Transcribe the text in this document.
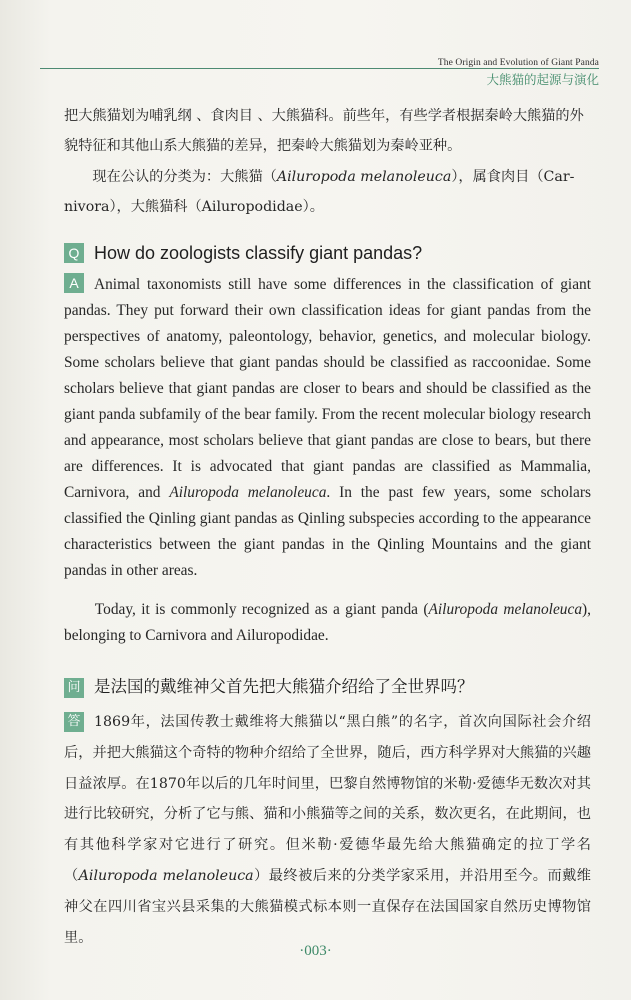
The Origin and Evolution of Giant Panda
大熊猫的起源与演化
把大熊猫划为哺乳纲 、食肉目 、大熊猫科。前些年，有些学者根据秦岭大熊猫的外貌特征和其他山系大熊猫的差异，把秦岭大熊猫划为秦岭亚种。
现在公认的分类为：大熊猫（Ailuropoda melanoleuca），属食肉目（Car-nivora），大熊猫科（Ailuropodidae）。
Q How do zoologists classify giant pandas?
A Animal taxonomists still have some differences in the classification of giant pandas. They put forward their own classification ideas for giant pandas from the perspectives of anatomy, paleontology, behavior, genetics, and molecular biology. Some scholars believe that giant pandas should be classified as raccoonidae. Some scholars believe that giant pandas are closer to bears and should be classified as the giant panda subfamily of the bear family. From the recent molecular biology research and appearance, most scholars believe that giant pandas are close to bears, but there are differences. It is advocated that giant pandas are classified as Mammalia, Carnivora, and Ailuropoda melanoleuca. In the past few years, some scholars classified the Qinling giant pandas as Qinling subspecies according to the appearance characteristics between the giant pandas in the Qinling Mountains and the giant pandas in other areas.
Today, it is commonly recognized as a giant panda (Ailuropoda melanoleuca), belonging to Carnivora and Ailuropodidae.
问 是法国的戴维神父首先把大熊猫介绍给了全世界吗？
答 1869年，法国传教士戴维将大熊猫以“黑白熊”的名字，首次向国际社会介绍后，并把大熊猫这个奇特的物种介绍给了全世界，随后，西方科学界对大熊猫的兴趣日益浓厚。在1870年以后的几年时间里，巴黎自然博物馆的米勒·爱德华无数次对其进行比较研究，分析了它与熊、猫和小熊猫等之间的关系，数次更名，在此期间，也有其他科学家对它进行了研究。但米勒·爱德华最先给大熊猫确定的拉丁学名（Ailuropoda melanoleuca）最终被后来的分类学家采用，并沿用至今。而戴维神父在四川省宝兴县采集的大熊猫模式标本则一直保存在法国国家自然历史博物馆里。
·003·
